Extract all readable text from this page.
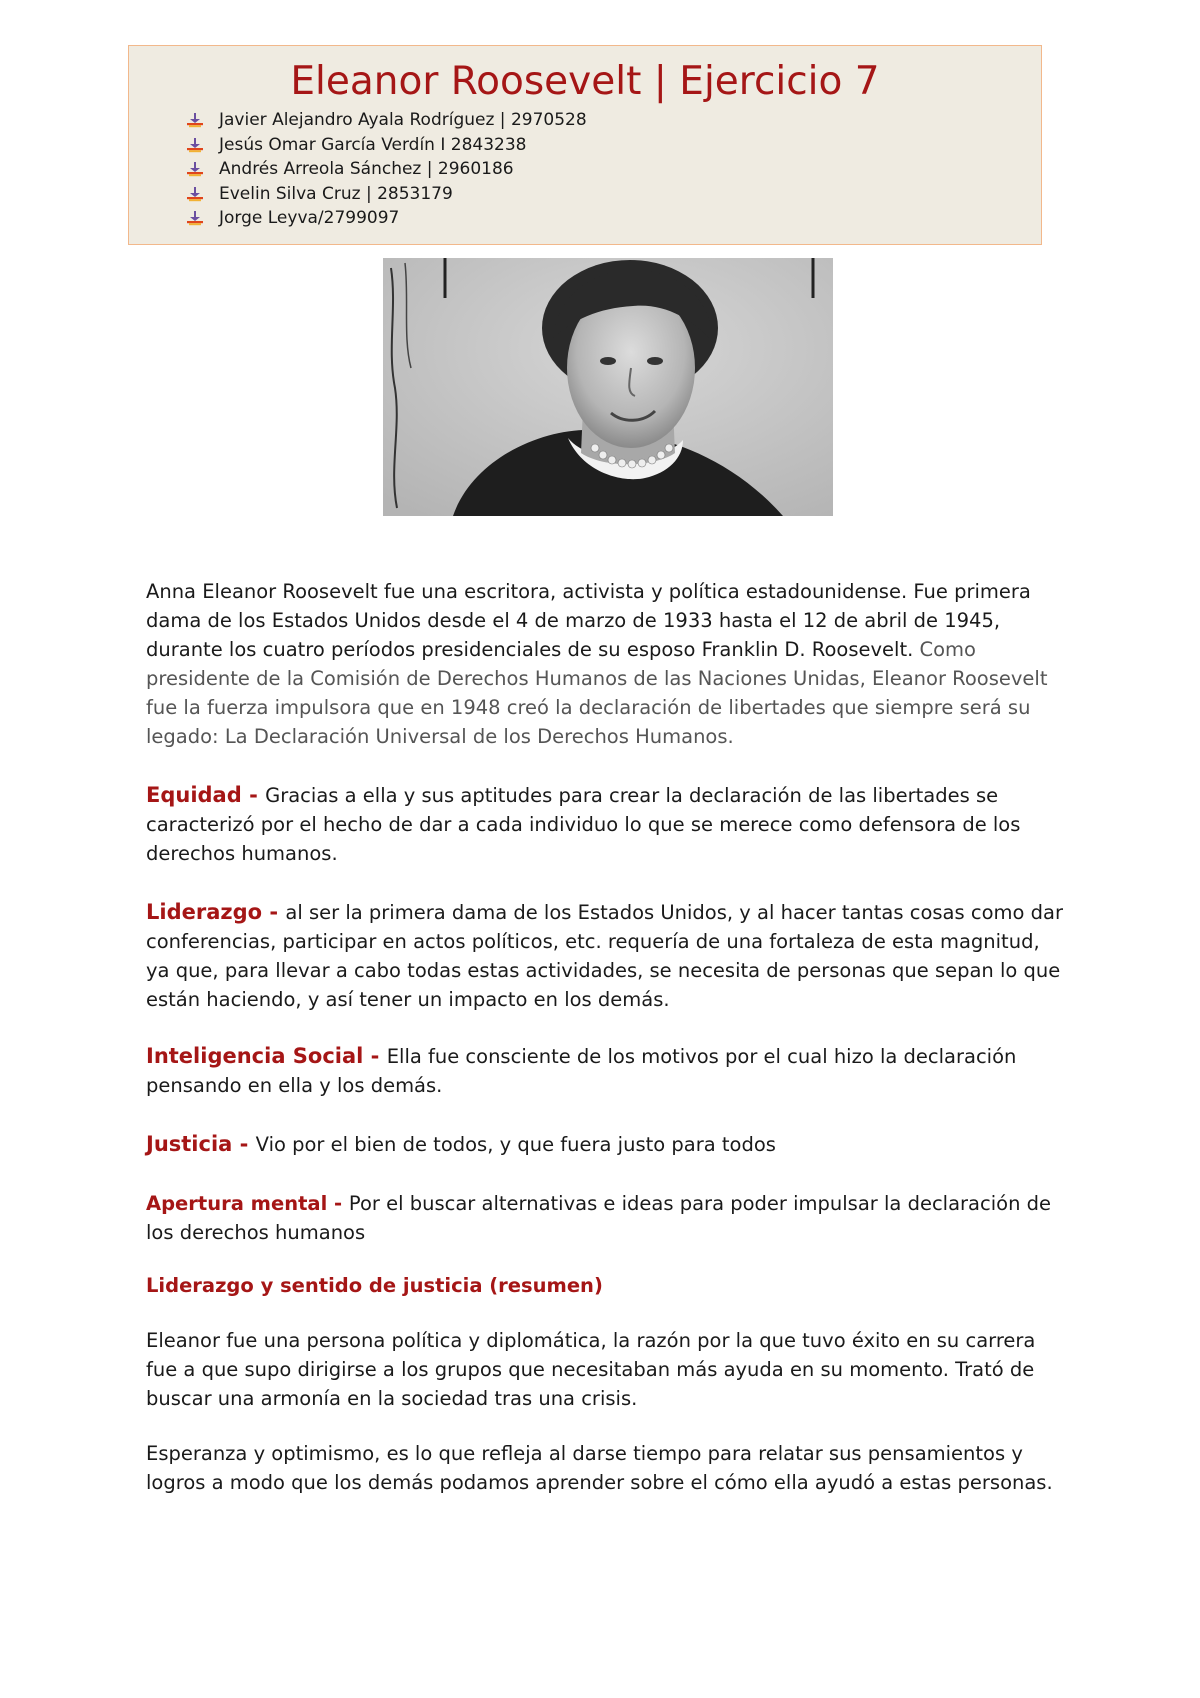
Eleanor Roosevelt | Ejercicio 7
Javier Alejandro Ayala Rodríguez | 2970528
Jesús Omar García Verdín I 2843238
Andrés Arreola Sánchez | 2960186
Evelin Silva Cruz | 2853179
Jorge Leyva/2799097

Anna Eleanor Roosevelt fue una escritora, activista y política estadounidense. Fue primera dama de los Estados Unidos desde el 4 de marzo de 1933 hasta el 12 de abril de 1945, durante los cuatro períodos presidenciales de su esposo Franklin D. Roosevelt. Como presidente de la Comisión de Derechos Humanos de las Naciones Unidas, Eleanor Roosevelt fue la fuerza impulsora que en 1948 creó la declaración de libertades que siempre será su legado: La Declaración Universal de los Derechos Humanos.

Equidad - Gracias a ella y sus aptitudes para crear la declaración de las libertades se caracterizó por el hecho de dar a cada individuo lo que se merece como defensora de los derechos humanos.

Liderazgo - al ser la primera dama de los Estados Unidos, y al hacer tantas cosas como dar conferencias, participar en actos políticos, etc. requería de una fortaleza de esta magnitud, ya que, para llevar a cabo todas estas actividades, se necesita de personas que sepan lo que están haciendo, y así tener un impacto en los demás.

Inteligencia Social - Ella fue consciente de los motivos por el cual hizo la declaración pensando en ella y los demás.

Justicia - Vio por el bien de todos, y que fuera justo para todos

Apertura mental - Por el buscar alternativas e ideas para poder impulsar la declaración de los derechos humanos

Liderazgo y sentido de justicia (resumen)

Eleanor fue una persona política y diplomática, la razón por la que tuvo éxito en su carrera fue a que supo dirigirse a los grupos que necesitaban más ayuda en su momento. Trató de buscar una armonía en la sociedad tras una crisis.

Esperanza y optimismo, es lo que refleja al darse tiempo para relatar sus pensamientos y logros a modo que los demás podamos aprender sobre el cómo ella ayudó a estas personas.
